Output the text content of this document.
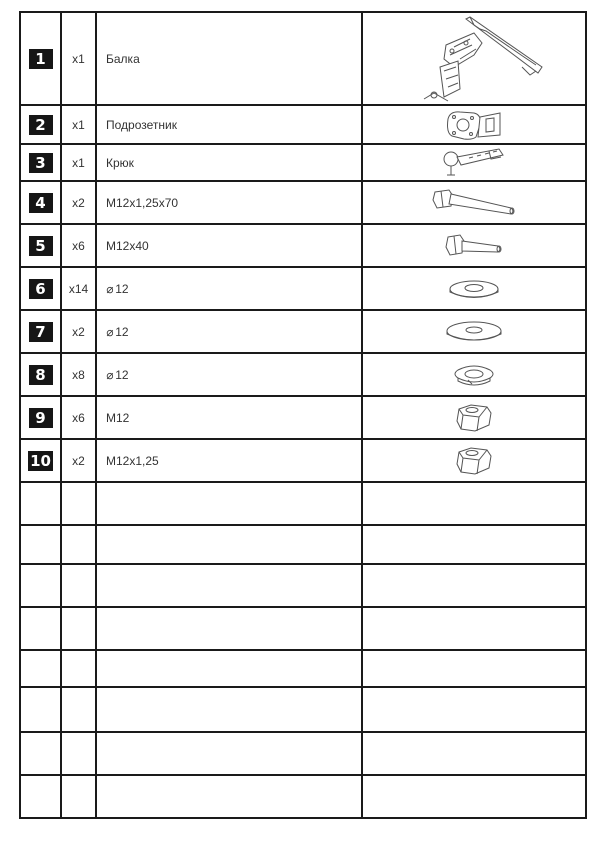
1	x1	Балка	
2	x1	Подрозетник	
3	x1	Крюк	
4	x2	M12x1,25x70	
5	x6	M12x40	
6	x14	⌀ 12	
7	x2	⌀ 12	
8	x8	⌀ 12	
9	x6	M12	
10	x2	M12x1,25	
